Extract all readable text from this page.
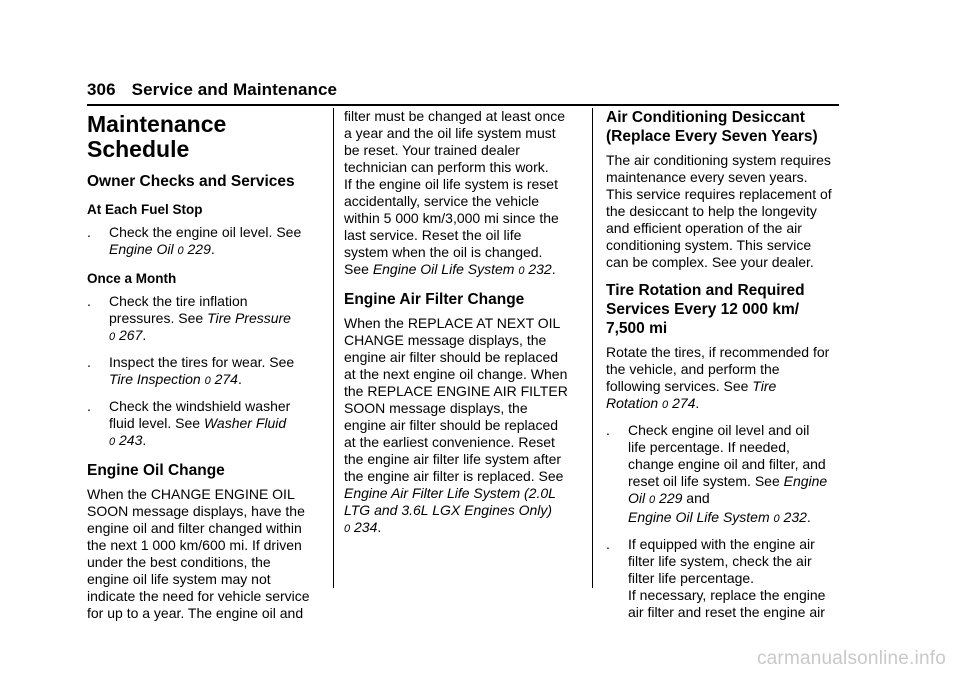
306 Service and Maintenance
Maintenance
Schedule
Owner Checks and Services
At Each Fuel Stop
. Check the engine oil level. See
Engine Oil 0 229.
Once a Month
. Check the tire inflation
pressures. See Tire Pressure
0 267.
. Inspect the tires for wear. See
Tire Inspection 0 274.
. Check the windshield washer
fluid level. See Washer Fluid
0 243.
Engine Oil Change

When the CHANGE ENGINE OIL
SOON message displays, have the
engine oil and filter changed within
the next 1 000 km/600 mi. If driven
under the best conditions, the
engine oil life system may not
indicate the need for vehicle service
for up to a year. The engine oil and

filter must be changed at least once
a year and the oil life system must
be reset. Your trained dealer
technician can perform this work.
If the engine oil life system is reset
accidentally, service the vehicle
within 5 000 km/3,000 mi since the
last service. Reset the oil life
system when the oil is changed.
See Engine Oil Life System 0 232.

Engine Air Filter Change

When the REPLACE AT NEXT OIL
CHANGE message displays, the
engine air filter should be replaced
at the next engine oil change. When
the REPLACE ENGINE AIR FILTER
SOON message displays, the
engine air filter should be replaced
at the earliest convenience. Reset
the engine air filter life system after
the engine air filter is replaced. See
Engine Air Filter Life System (2.0L
LTG and 3.6L LGX Engines Only)
0 234.

Air Conditioning Desiccant
(Replace Every Seven Years)

The air conditioning system requires
maintenance every seven years.
This service requires replacement of
the desiccant to help the longevity
and efficient operation of the air
conditioning system. This service
can be complex. See your dealer.

Tire Rotation and Required
Services Every 12 000 km/
7,500 mi

Rotate the tires, if recommended for
the vehicle, and perform the
following services. See Tire
Rotation 0 274.

. Check engine oil level and oil
life percentage. If needed,
change engine oil and filter, and
reset oil life system. See Engine
Oil 0 229 and
Engine Oil Life System 0 232.
. If equipped with the engine air
filter life system, check the air
filter life percentage.
If necessary, replace the engine
air filter and reset the engine air
carmanualsonline.info
